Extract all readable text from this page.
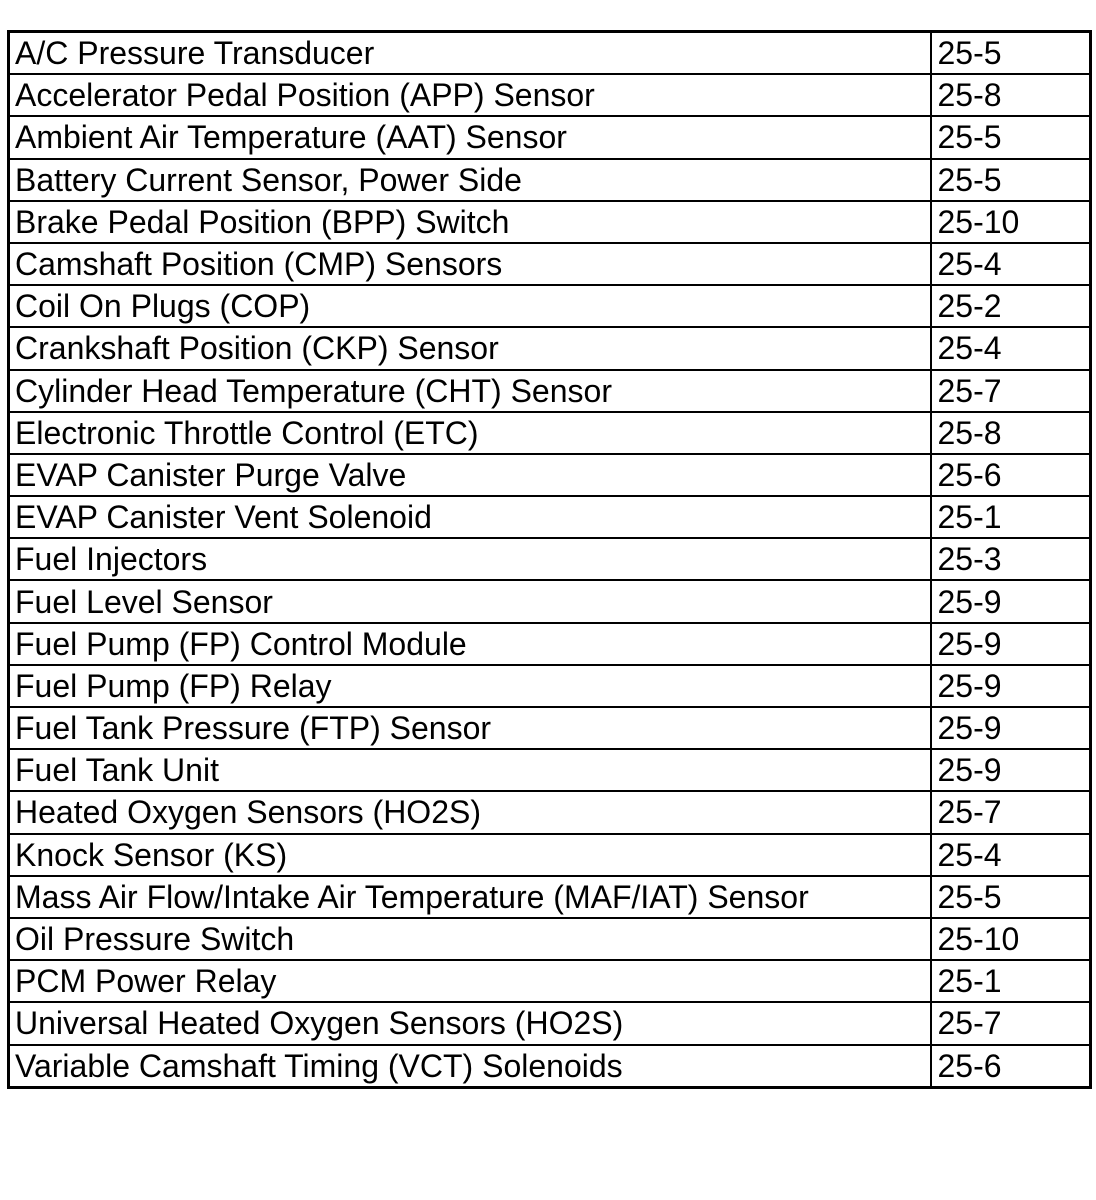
A/C Pressure Transducer	25-5
Accelerator Pedal Position (APP) Sensor	25-8
Ambient Air Temperature (AAT) Sensor	25-5
Battery Current Sensor, Power Side	25-5
Brake Pedal Position (BPP) Switch	25-10
Camshaft Position (CMP) Sensors	25-4
Coil On Plugs (COP)	25-2
Crankshaft Position (CKP) Sensor	25-4
Cylinder Head Temperature (CHT) Sensor	25-7
Electronic Throttle Control (ETC)	25-8
EVAP Canister Purge Valve	25-6
EVAP Canister Vent Solenoid	25-1
Fuel Injectors	25-3
Fuel Level Sensor	25-9
Fuel Pump (FP) Control Module	25-9
Fuel Pump (FP) Relay	25-9
Fuel Tank Pressure (FTP) Sensor	25-9
Fuel Tank Unit	25-9
Heated Oxygen Sensors (HO2S)	25-7
Knock Sensor (KS)	25-4
Mass Air Flow/Intake Air Temperature (MAF/IAT) Sensor	25-5
Oil Pressure Switch	25-10
PCM Power Relay	25-1
Universal Heated Oxygen Sensors (HO2S)	25-7
Variable Camshaft Timing (VCT) Solenoids	25-6
